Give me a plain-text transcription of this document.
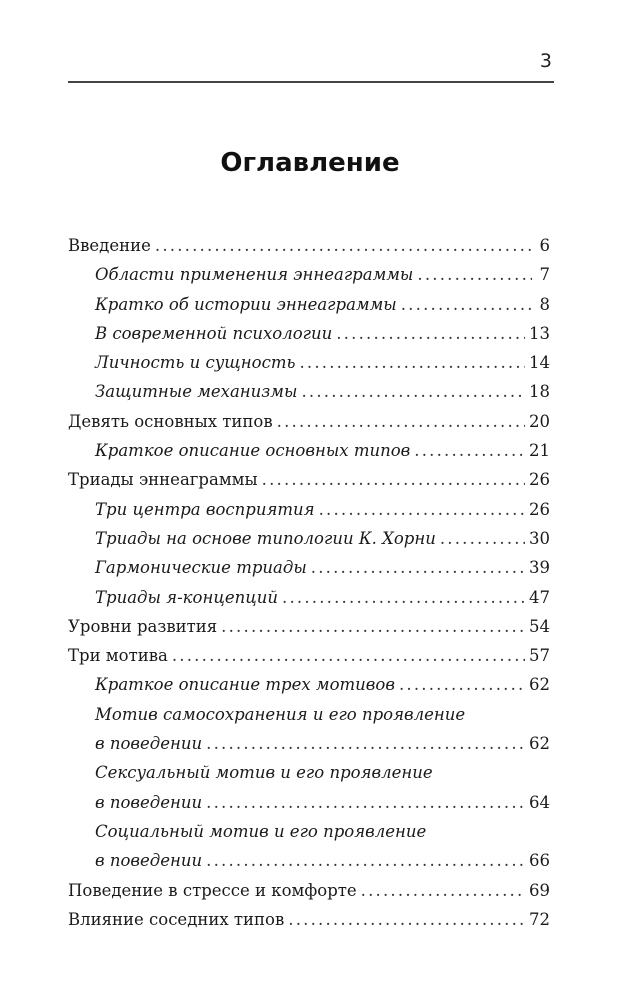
3
Оглавление
Введение .....	6
Области применения эннеаграммы .....	7
Кратко об истории эннеаграммы .....	8
В современной психологии .....	13
Личность и сущность .....	14
Защитные механизмы .....	18
Девять основных типов .....	20
Краткое описание основных типов .....	21
Триады эннеаграммы .....	26
Три центра восприятия .....	26
Триады на основе типологии К. Хорни .....	30
Гармонические триады .....	39
Триады я-концепций .....	47
Уровни развития .....	54
Три мотива .....	57
Краткое описание трех мотивов .....	62
Мотив самосохранения и его проявление
в поведении .....	62
Сексуальный мотив и его проявление
в поведении .....	64
Социальный мотив и его проявление
в поведении .....	66
Поведение в стрессе и комфорте .....	69
Влияние соседних типов .....	72
